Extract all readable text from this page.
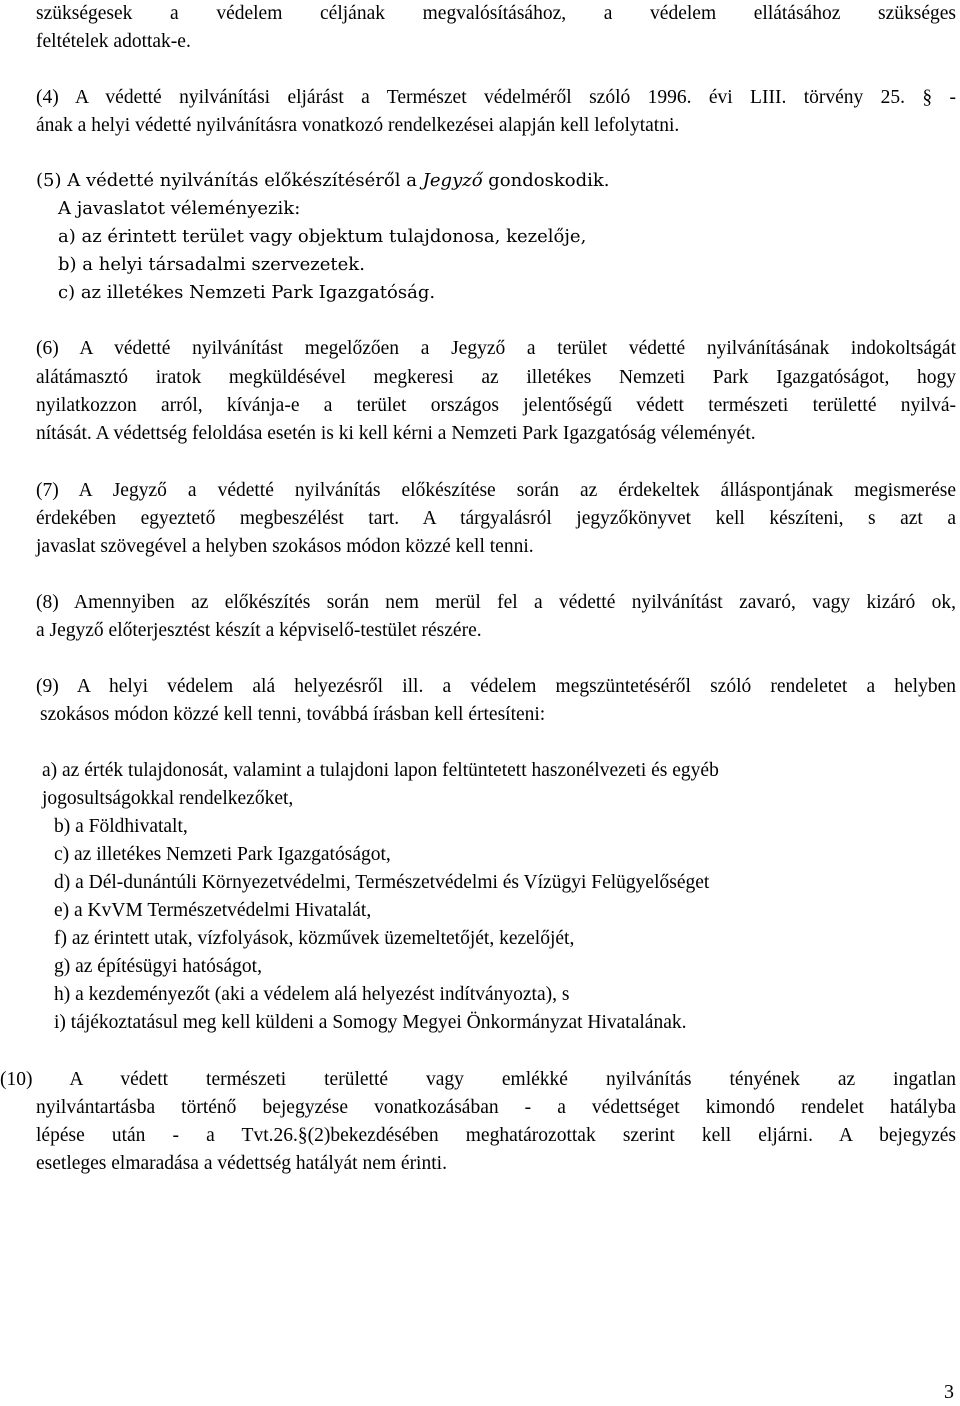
szükségesek a védelem céljának megvalósításához, a védelem ellátásához szükséges
feltételek adottak-e.
(4) A védetté nyilvánítási eljárást a Természet védelméről szóló 1996. évi LIII. törvény 25. § -
ának a helyi védetté nyilvánításra vonatkozó rendelkezései alapján kell lefolytatni.
(5) A védetté nyilvánítás előkészítéséről a Jegyző gondoskodik.
A javaslatot véleményezik:
a) az érintett terület vagy objektum tulajdonosa, kezelője,
b) a helyi társadalmi szervezetek.
c) az illetékes Nemzeti Park Igazgatóság.
(6) A védetté nyilvánítást megelőzően a Jegyző a terület védetté nyilvánításának indokoltságát
alátámasztó iratok megküldésével megkeresi az illetékes Nemzeti Park Igazgatóságot, hogy
nyilatkozzon arról, kívánja-e a terület országos jelentőségű védett természeti területté nyilvá-
nítását. A védettség feloldása esetén is ki kell kérni a Nemzeti Park Igazgatóság véleményét.
(7) A Jegyző a védetté nyilvánítás előkészítése során az érdekeltek álláspontjának megismerése
érdekében egyeztető megbeszélést tart. A tárgyalásról jegyzőkönyvet kell készíteni, s azt a
javaslat szövegével a helyben szokásos módon közzé kell tenni.
(8) Amennyiben az előkészítés során nem merül fel a védetté nyilvánítást zavaró, vagy kizáró ok,
a Jegyző előterjesztést készít a képviselő-testület részére.
(9) A helyi védelem alá helyezésről ill. a védelem megszüntetéséről szóló rendeletet a helyben
szokásos módon közzé kell tenni, továbbá írásban kell értesíteni:
a) az érték tulajdonosát, valamint a tulajdoni lapon feltüntetett haszonélvezeti és egyéb
jogosultságokkal rendelkezőket,
b) a Földhivatalt,
c) az illetékes Nemzeti Park Igazgatóságot,
d) a Dél-dunántúli Környezetvédelmi, Természetvédelmi és Vízügyi Felügyelőséget
e) a KvVM Természetvédelmi Hivatalát,
f) az érintett utak, vízfolyások, közművek üzemeltetőjét, kezelőjét,
g) az építésügyi hatóságot,
h) a kezdeményezőt (aki a védelem alá helyezést indítványozta), s
i) tájékoztatásul meg kell küldeni a Somogy Megyei Önkormányzat Hivatalának.
(10) A védett természeti területté vagy emlékké nyilvánítás tényének az ingatlan
nyilvántartásba történő bejegyzése vonatkozásában - a védettséget kimondó rendelet hatályba
lépése után - a Tvt.26.§(2)bekezdésében meghatározottak szerint kell eljárni. A bejegyzés
esetleges elmaradása a védettség hatályát nem érinti.
3
